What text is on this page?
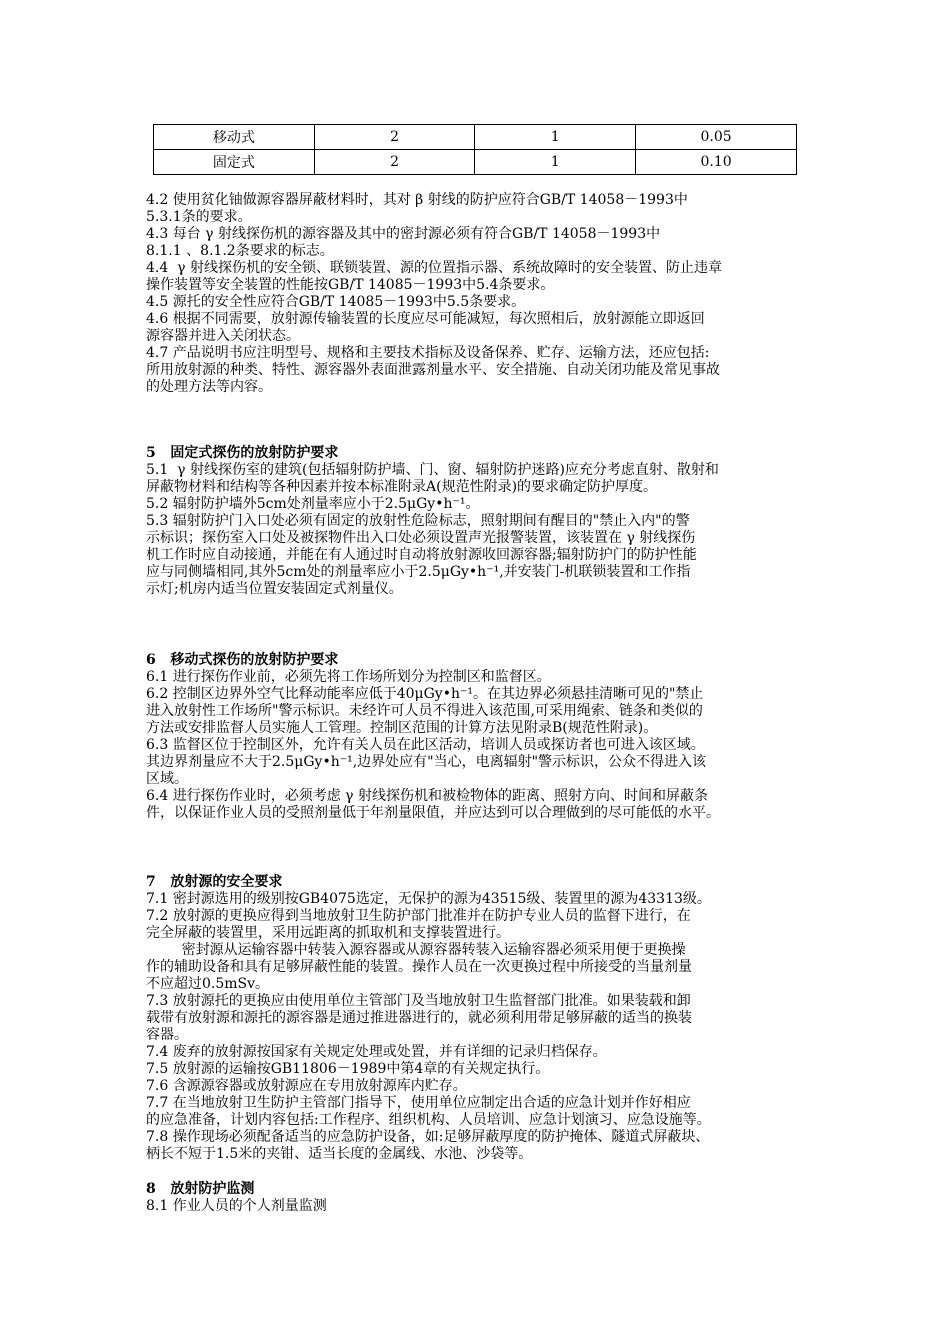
移动式	2	1	0.05
固定式	2	1	0.10
4.2 使用贫化铀做源容器屏蔽材料时，其对 β 射线的防护应符合GB/T 14058－1993中
5.3.1条的要求。
4.3 每台 γ 射线探伤机的源容器及其中的密封源必须有符合GB/T 14058－1993中
8.1.1 、8.1.2条要求的标志。
4.4  γ 射线探伤机的安全锁、联锁装置、源的位置指示器、系统故障时的安全装置、防止违章
操作装置等安全装置的性能按GB/T 14085－1993中5.4条要求。
4.5 源托的安全性应符合GB/T 14085－1993中5.5条要求。
4.6 根据不同需要，放射源传输装置的长度应尽可能减短，每次照相后，放射源能立即返回
源容器并进入关闭状态。
4.7 产品说明书应注明型号、规格和主要技术指标及设备保养、贮存、运输方法，还应包括:
所用放射源的种类、特性、源容器外表面泄露剂量水平、安全措施、自动关闭功能及常见事故
的处理方法等内容。
5   固定式探伤的放射防护要求
5.1  γ 射线探伤室的建筑(包括辐射防护墙、门、窗、辐射防护迷路)应充分考虑直射、散射和
屏蔽物材料和结构等各种因素并按本标准附录A(规范性附录)的要求确定防护厚度。
5.2 辐射防护墙外5cm处剂量率应小于2.5μGy•h⁻¹。
5.3 辐射防护门入口处必须有固定的放射性危险标志，照射期间有醒目的"禁止入内"的警
示标识；探伤室入口处及被探物件出入口处必须设置声光报警装置，该装置在 γ 射线探伤
机工作时应自动接通，并能在有人通过时自动将放射源收回源容器;辐射防护门的防护性能
应与同侧墙相同,其外5cm处的剂量率应小于2.5μGy•h⁻¹,并安装门-机联锁装置和工作指
示灯;机房内适当位置安装固定式剂量仪。
6   移动式探伤的放射防护要求
6.1 进行探伤作业前，必须先将工作场所划分为控制区和监督区。
6.2 控制区边界外空气比释动能率应低于40μGy•h⁻¹。在其边界必须悬挂清晰可见的"禁止
进入放射性工作场所"警示标识。未经许可人员不得进入该范围,可采用绳索、链条和类似的
方法或安排监督人员实施人工管理。控制区范围的计算方法见附录B(规范性附录)。
6.3 监督区位于控制区外，允许有关人员在此区活动，培训人员或探访者也可进入该区域。
其边界剂量应不大于2.5μGy•h⁻¹,边界处应有"当心，电离辐射"警示标识，公众不得进入该
区域。
6.4 进行探伤作业时，必须考虑 γ 射线探伤机和被检物体的距离、照射方向、时间和屏蔽条
件，以保证作业人员的受照剂量低于年剂量限值，并应达到可以合理做到的尽可能低的水平。
7   放射源的安全要求
7.1 密封源选用的级别按GB4075选定，无保护的源为43515级、装置里的源为43313级。
7.2 放射源的更换应得到当地放射卫生防护部门批准并在防护专业人员的监督下进行，在
完全屏蔽的装置里，采用远距离的抓取机和支撑装置进行。
密封源从运输容器中转装入源容器或从源容器转装入运输容器必须采用便于更换操
作的辅助设备和具有足够屏蔽性能的装置。操作人员在一次更换过程中所接受的当量剂量
不应超过0.5mSv。
7.3 放射源托的更换应由使用单位主管部门及当地放射卫生监督部门批准。如果装载和卸
载带有放射源和源托的源容器是通过推进器进行的，就必须利用带足够屏蔽的适当的换装
容器。
7.4 废弃的放射源按国家有关规定处理或处置，并有详细的记录归档保存。
7.5 放射源的运输按GB11806－1989中第4章的有关规定执行。
7.6 含源源容器或放射源应在专用放射源库内贮存。
7.7 在当地放射卫生防护主管部门指导下，使用单位应制定出合适的应急计划并作好相应
的应急准备，计划内容包括:工作程序、组织机构、人员培训、应急计划演习、应急设施等。
7.8 操作现场必须配备适当的应急防护设备，如:足够屏蔽厚度的防护掩体、隧道式屏蔽块、
柄长不短于1.5米的夹钳、适当长度的金属线、水池、沙袋等。
8   放射防护监测
8.1 作业人员的个人剂量监测
